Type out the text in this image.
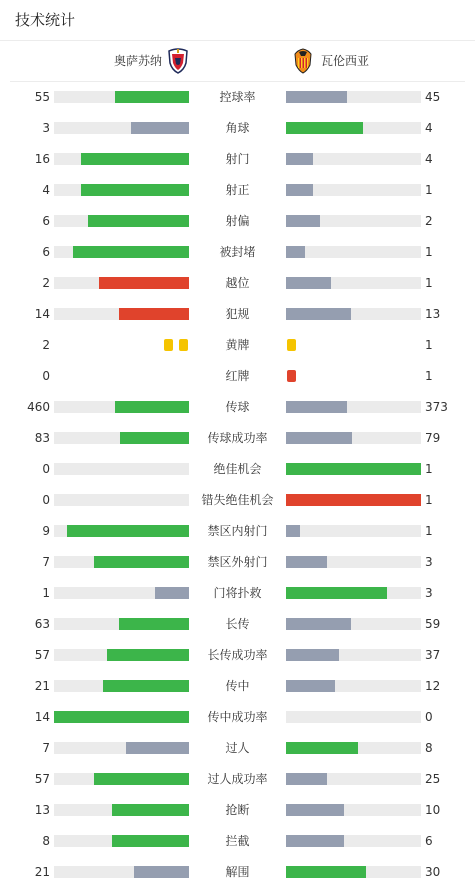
技术统计
奥萨苏纳	瓦伦西亚
55	控球率	45
3	角球	4
16	射门	4
4	射正	1
6	射偏	2
6	被封堵	1
2	越位	1
14	犯规	13
2	黄牌	1
0	红牌	1
460	传球	373
83	传球成功率	79
0	绝佳机会	1
0	错失绝佳机会	1
9	禁区内射门	1
7	禁区外射门	3
1	门将扑救	3
63	长传	59
57	长传成功率	37
21	传中	12
14	传中成功率	0
7	过人	8
57	过人成功率	25
13	抢断	10
8	拦截	6
21	解围	30
